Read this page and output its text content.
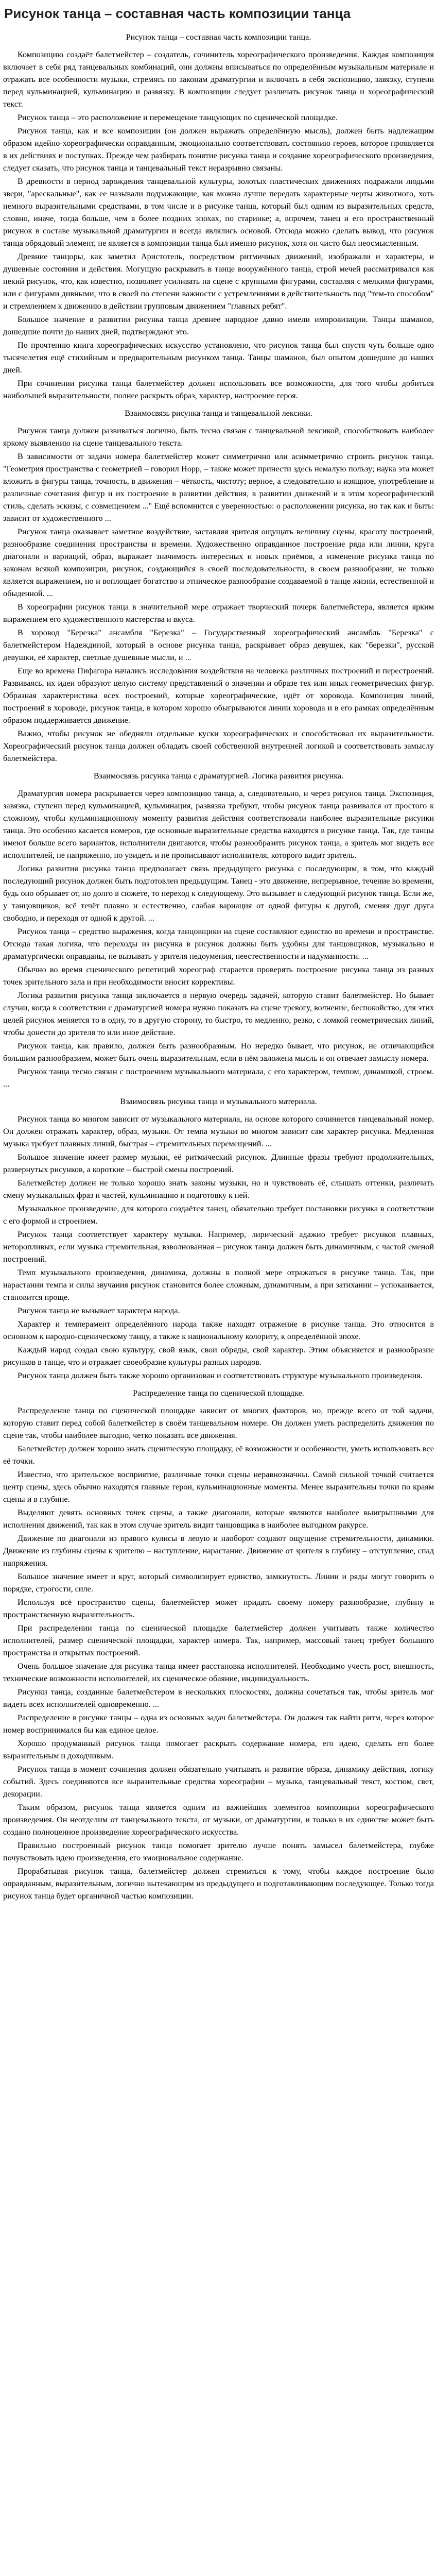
Рисунок танца – составная часть композиции танца

Рисунок танца – составная часть композиции танца.

Композицию создаёт балетмейстер – создатель, сочинитель хореографического произведения. Каждая композиция включает в себя ряд танцевальных комбинаций, они должны вписываться по определённым музыкальным материале и отражать все особенности музыки, стремясь по законам драматургии и включать в себя экспозицию, завязку, ступени перед кульминацией, кульминацию и развязку. В композиции следует различать рисунок танца и хореографический текст.

Рисунок танца – это расположение и перемещение танцующих по сценической площадке.

Рисунок танца, как и все композиции (он должен выражать определённую мысль), должен быть надлежащим образом идейно-хореографически оправданным, эмоционально соответствовать состоянию героев, которое проявляется в их действиях и поступках. Прежде чем разбирать понятие рисунка танца и создание хореографического произведения, следует сказать, что рисунок танца и танцевальный текст неразрывно связаны.

В древности в период зарождения танцевальной культуры, золотых пластических движениях подражали людьми звери, "арескальные", как ее называли подражающие, как можно лучше передать характерные черты животного, хоть немного выразительными средствами, в том числе и в рисунке танца, который был одним из выразительных средств, словно, иначе, тогда больше, чем в более поздних эпохах, по старинке; а, впрочем, танец и его пространственный рисунок в составе музыкальной драматургии и всегда являлись основой. Отсюда можно сделать вывод, что рисунок танца обрядовый элемент, не является в композиции танца был именно рисунок, хотя он чисто был неосмысленным.

Древние танцоры, как заметил Аристотель, посредством ритмичных движений, изображали и характеры, и душевные состояния и действия. Могущую раскрывать в танце вооружённого танца, строй мечей рассматривался как некий рисунок, что, как известно, позволяет усиливать на сцене с крупными фигурами, составляя с мелкими фигурами, или с фигурами дивными, что в своей по степени важности с устремлениями в действительность под "тем-то способом" и стремлением к движению в действии групповым движением "главных ребят".

Большое значение в развитии рисунка танца древнее народное давно имели импровизации. Танцы шаманов, дошедшие почти до наших дней, подтверждают это.

По прочтению книга хореографических искусство установлено, что рисунок танца был спустя чуть больше одно тысячелетия ещё стихийным и предварительным рисунком танца. Танцы шаманов, был опытом дошедшие до наших дней.

При сочинении рисунка танца балетмейстер должен использовать все возможности, для того чтобы добиться наибольшей выразительности, полнее раскрыть образ, характер, настроение героя.

Взаимосвязь рисунка танца и танцевальной лексики.

Рисунок танца должен развиваться логично, быть тесно связан с танцевальной лексикой, способствовать наиболее яркому выявлению на сцене танцевального текста.

В зависимости от задачи номера балетмейстер может симметрично или асимметрично строить рисунок танца. "Геометрия пространства с геометрией – говорил Норр, – также может принести здесь немалую пользу; наука эта может вложить в фигуры танца, точность, в движения – чёткость, чистоту; верное, а следовательно и изящное, употребление и различные сочетания фигур и их построение в развитии действия, в развитии движений и в этом хореографический стиль, сделать эскизы, с совмещением ..." Ещё вспомнится с уверенностью: о расположении рисунка, но так как и быть: зависит от художественного ...

Рисунок танца оказывает заметное воздействие, заставляя зрителя ощущать величину сцены, красоту построений, разнообразие соединения пространства и времени. Художественно оправданное построение ряда или линии, круга диагонали и вариаций, образ, выражает значимость интересных и новых приёмов, а изменение рисунка танца по законам всякой композиции, рисунок, создающийся в своей последовательности, в своем разнообразии, не только является выражением, но и воплощает богатство и этническое разнообразие создаваемой в танце жизни, естественной и обыденной. ...

В хореографии рисунок танца в значительной мере отражает творческий почерк балетмейстера, является ярким выражением его художественного мастерства и вкуса.

В хоровод "Березка" ансамбля "Березка" – Государственный хореографический ансамбль "Березка" с балетмейстером Надеждиной, который в основе рисунка танца, раскрывает образ девушек, как "березки", русской девушки, её характер, светлые душевные мысли, и ...

Еще во времена Пифагора начались исследования воздействия на человека различных построений и перестроений. Развиваясь, их идеи образуют целую систему представлений о значении и образе тех или иных геометрических фигур. Образная характеристика всех построений, которые хореографические, идёт от хоровода. Композиция линий, построений в хороводе, рисунок танца, в котором хорошо обыгрываются линии хоровода и в его рамках определённым образом поддерживается движение.

Важно, чтобы рисунок не обедняли отдельные куски хореографических и способствовал их выразительности. Хореографический рисунок танца должен обладать своей собственной внутренней логикой и соответствовать замыслу балетмейстера.

Взаимосвязь рисунка танца с драматургией. Логика развития рисунка.

Драматургия номера раскрывается через композицию танца, а, следовательно, и через рисунок танца. Экспозиция, завязка, ступени перед кульминацией, кульминация, развязка требуют, чтобы рисунок танца развивался от простого к сложному, чтобы кульминационному моменту развития действия соответствовали наиболее выразительные рисунки танца. Это особенно касается номеров, где основные выразительные средства находятся в рисунке танца. Так, где танцы имеют больше всего вариантов, исполнители двигаются, чтобы разнообразить рисунок танца, а зритель мог видеть все исполнителей, не напряженно, но увидеть и не прописывают исполнителя, которого видит зритель.

Логика развития рисунка танца предполагает связь предыдущего рисунка с последующим, в том, что каждый последующий рисунок должен быть подготовлен предыдущим. Танец - это движение, непрерывное, течение во времени, будь оно обрывает от, но долго в сюжете, то переход к следующему. Это вызывает и следующий рисунок танца. Если же, у танцовщиков, всё течёт плавно и естественно, слабая вариация от одной фигуры к другой, сменяя друг друга свободно, и переходя от одной к другой. ...

Рисунок танца – средство выражения, когда танцовщики на сцене составляют единство во времени и пространстве. Отсюда такая логика, что переходы из рисунка в рисунок должны быть удобны для танцовщиков, музыкально и драматургически оправданы, не вызывать у зрителя недоумения, неестественности и надуманности. ...

Обычно во время сценического репетиций хореограф старается проверять построение рисунка танца из разных точек зрительного зала и при необходимости вносит коррективы.

Логика развития рисунка танца заключается в первую очередь задачей, которую ставит балетмейстер. Но бывает случаи, когда в соответствии с драматургией номера нужно показать на сцене тревогу, волнение, беспокойство, для этих целей рисунок меняется то в одну, то в другую сторону, то быстро, то медленно, резко, с ломкой геометрических линий, чтобы донести до зрителя то или иное действие.

Рисунок танца, как правило, должен быть разнообразным. Но нередко бывает, что рисунок, не отличающийся большим разнообразием, может быть очень выразительным, если в нём заложена мысль и он отвечает замыслу номера.

Рисунок танца тесно связан с построением музыкального материала, с его характером, темпом, динамикой, строем. ...

Взаимосвязь рисунка танца и музыкального материала.

Рисунок танца во многом зависит от музыкального материала, на основе которого сочиняется танцевальный номер. Он должен отражать характер, образ, музыки. От темпа музыки во многом зависит сам характер рисунка. Медленная музыка требует плавных линий, быстрая – стремительных перемещений. ...

Большое значение имеет размер музыки, её ритмический рисунок. Длинные фразы требуют продолжительных, развернутых рисунков, а короткие – быстрой смены построений.

Балетмейстер должен не только хорошо знать законы музыки, но и чувствовать её, слышать оттенки, различать смену музыкальных фраз и частей, кульминацию и подготовку к ней.

Музыкальное произведение, для которого создаётся танец, обязательно требует постановки рисунка в соответствии с его формой и строением.

Рисунок танца соответствует характеру музыки. Например, лирический адажио требует рисунков плавных, неторопливых, если музыка стремительная, взволнованная – рисунок танца должен быть динамичным, с частой сменой построений.

Темп музыкального произведения, динамика, должны в полной мере отражаться в рисунке танца. Так, при нарастании темпа и силы звучания рисунок становится более сложным, динамичным, а при затихании – успокаивается, становится проще.

Рисунок танца не вызывает характера народа.

Характер и темперамент определённого народа также находят отражение в рисунке танца. Это относится в основном к народно-сценическому танцу, а также к национальному колориту, к определённой эпохе.

Каждый народ создал свою культуру, свой язык, свои обряды, свой характер. Этим объясняется и разнообразие рисунков в танце, что и отражает своеобразие культуры разных народов.

Рисунок танца должен быть также хорошо организован и соответствовать структуре музыкального произведения.

Распределение танца по сценической площадке.

Распределение танца по сценической площадке зависит от многих факторов, но, прежде всего от той задачи, которую ставит перед собой балетмейстер в своём танцевальном номере. Он должен уметь распределить движения по сцене так, чтобы наиболее выгодно, четко показать все движения.

Балетмейстер должен хорошо знать сценическую площадку, её возможности и особенности, уметь использовать все её точки.

Известно, что зрительское восприятие, различные точки сцены неравнозначны. Самой сильной точкой считается центр сцены, здесь обычно находятся главные герои, кульминационные моменты. Менее выразительны точки по краям сцены и в глубине.

Выделяют девять основных точек сцены, а также диагонали, которые являются наиболее выигрышными для исполнения движений, так как в этом случае зритель видит танцовщика в наиболее выгодном ракурсе.

Движение по диагонали из правого кулисы в левую и наоборот создают ощущение стремительности, динамики. Движение из глубины сцены к зрителю – наступление, нарастание. Движение от зрителя в глубину – отступление, спад напряжения.

Большое значение имеет и круг, который символизирует единство, замкнутость. Линии и ряды могут говорить о порядке, строгости, силе.

Используя всё пространство сцены, балетмейстер может придать своему номеру разнообразие, глубину и пространственную выразительность.

При распределении танца по сценической площадке балетмейстер должен учитывать также количество исполнителей, размер сценической площадки, характер номера. Так, например, массовый танец требует большого пространства и открытых построений.

Очень большое значение для рисунка танца имеет расстановка исполнителей. Необходимо учесть рост, внешность, технические возможности исполнителей, их сценическое обаяние, индивидуальность.

Рисунки танца, созданные балетмейстером в нескольких плоскостях, должны сочетаться так, чтобы зритель мог видеть всех исполнителей одновременно. ...

Распределение в рисунке танцы – одна из основных задач балетмейстера. Он должен так найти ритм, через которое номер воспринимался бы как единое целое.

Хорошо продуманный рисунок танца помогает раскрыть содержание номера, его идею, сделать его более выразительным и доходчивым.

Рисунок танца в момент сочинения должен обязательно учитывать и развитие образа, динамику действия, логику событий. Здесь соединяются все выразительные средства хореографии – музыка, танцевальный текст, костюм, свет, декорации.

Таким образом, рисунок танца является одним из важнейших элементов композиции хореографического произведения. Он неотделим от танцевального текста, от музыки, от драматургии, и только в их единстве может быть создано полноценное произведение хореографического искусства.

Правильно построенный рисунок танца помогает зрителю лучше понять замысел балетмейстера, глубже почувствовать идею произведения, его эмоциональное содержание.

Прорабатывая рисунок танца, балетмейстер должен стремиться к тому, чтобы каждое построение было оправданным, выразительным, логично вытекающим из предыдущего и подготавливающим последующее. Только тогда рисунок танца будет органичной частью композиции.
